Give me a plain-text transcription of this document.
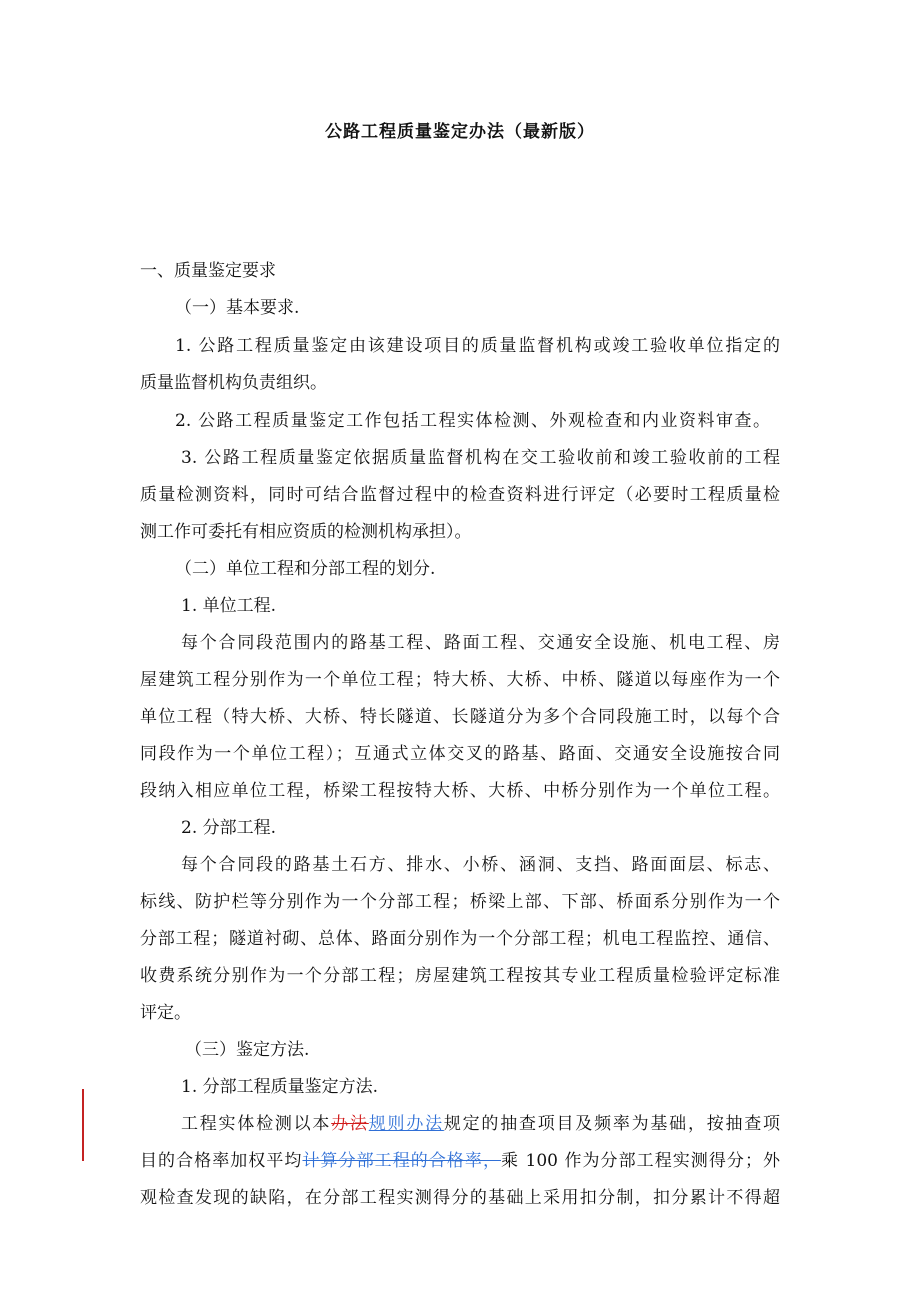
公路工程质量鉴定办法（最新版）
一、质量鉴定要求
（一）基本要求.
1. 公路工程质量鉴定由该建设项目的质量监督机构或竣工验收单位指定的
质量监督机构负责组织。
2. 公路工程质量鉴定工作包括工程实体检测、外观检查和内业资料审查。
3. 公路工程质量鉴定依据质量监督机构在交工验收前和竣工验收前的工程
质量检测资料，同时可结合监督过程中的检查资料进行评定（必要时工程质量检
测工作可委托有相应资质的检测机构承担）。
（二）单位工程和分部工程的划分.
1. 单位工程.
每个合同段范围内的路基工程、路面工程、交通安全设施、机电工程、房
屋建筑工程分别作为一个单位工程；特大桥、大桥、中桥、隧道以每座作为一个
单位工程（特大桥、大桥、特长隧道、长隧道分为多个合同段施工时，以每个合
同段作为一个单位工程）；互通式立体交叉的路基、路面、交通安全设施按合同
段纳入相应单位工程，桥梁工程按特大桥、大桥、中桥分别作为一个单位工程。
2. 分部工程.
每个合同段的路基土石方、排水、小桥、涵洞、支挡、路面面层、标志、
标线、防护栏等分别作为一个分部工程；桥梁上部、下部、桥面系分别作为一个
分部工程；隧道衬砌、总体、路面分别作为一个分部工程；机电工程监控、通信、
收费系统分别作为一个分部工程；房屋建筑工程按其专业工程质量检验评定标准
评定。
（三）鉴定方法.
1. 分部工程质量鉴定方法.
工程实体检测以本办法规则办法规定的抽查项目及频率为基础，按抽查项
目的合格率加权平均计算分部工程的合格率，乘 100 作为分部工程实测得分；外
观检查发现的缺陷，在分部工程实测得分的基础上采用扣分制，扣分累计不得超
